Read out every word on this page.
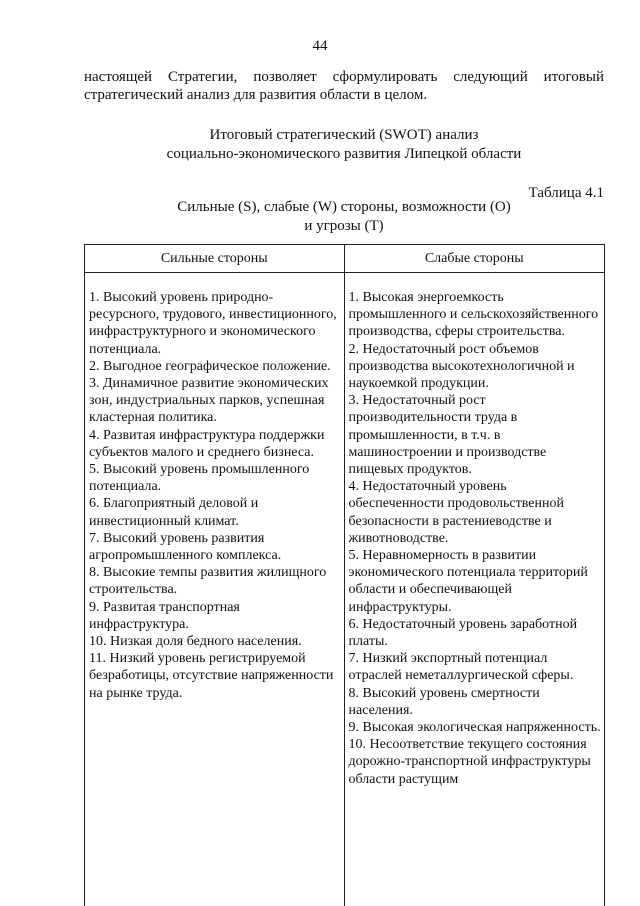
44
настоящей Стратегии, позволяет сформулировать следующий итоговый
стратегический анализ для развития области в целом.
Итоговый стратегический (SWOT) анализ
социально-экономического развития Липецкой области
Таблица 4.1
Сильные (S), слабые (W) стороны, возможности (О)
и угрозы (Т)
Сильные стороны
1. Высокий уровень природно-ресурсного, трудового, инвестиционного, инфраструктурного и экономического потенциала.
2. Выгодное географическое положение.
3. Динамичное развитие экономических зон, индустриальных парков, успешная кластерная политика.
4. Развитая инфраструктура поддержки субъектов малого и среднего бизнеса.
5. Высокий уровень промышленного потенциала.
6. Благоприятный деловой и инвестиционный климат.
7. Высокий уровень развития агропромышленного комплекса.
8. Высокие темпы развития жилищного строительства.
9. Развитая транспортная инфраструктура.
10. Низкая доля бедного населения.
11. Низкий уровень регистрируемой безработицы, отсутствие напряженности на рынке труда.
Слабые стороны
1. Высокая энергоемкость промышленного и сельскохозяйственного производства, сферы строительства.
2. Недостаточный рост объемов производства высокотехнологичной и наукоемкой продукции.
3. Недостаточный рост производительности труда в промышленности, в т.ч. в машиностроении и производстве пищевых продуктов.
4. Недостаточный уровень обеспеченности продовольственной безопасности в растениеводстве и животноводстве.
5. Неравномерность в развитии экономического потенциала территорий области и обеспечивающей инфраструктуры.
6. Недостаточный уровень заработной платы.
7. Низкий экспортный потенциал отраслей неметаллургической сферы.
8. Высокий уровень смертности населения.
9. Высокая экологическая напряженность.
10. Несоответствие текущего состояния дорожно-транспортной инфраструктуры области растущим
